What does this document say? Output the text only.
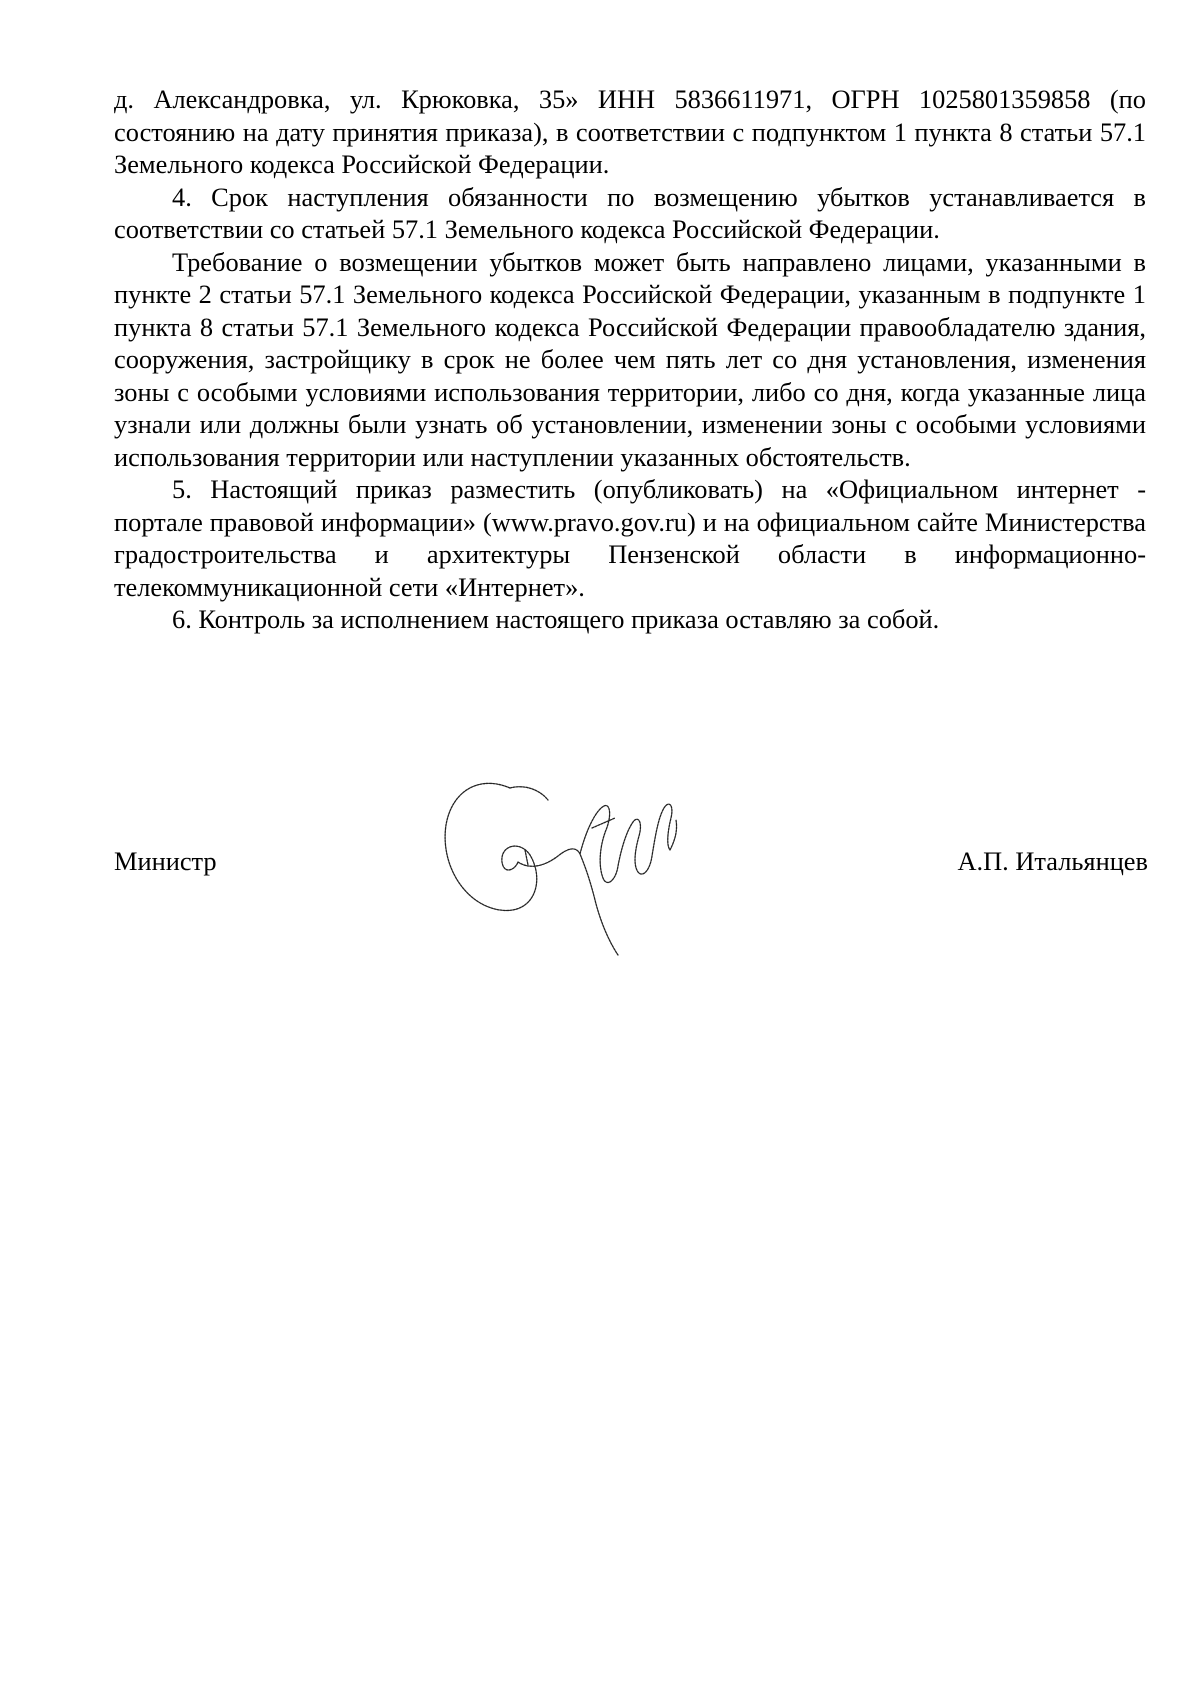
д. Александровка, ул. Крюковка, 35» ИНН 5836611971, ОГРН 1025801359858 (по состоянию на дату принятия приказа), в соответствии с подпунктом 1 пункта 8 статьи 57.1 Земельного кодекса Российской Федерации.

4. Срок наступления обязанности по возмещению убытков устанавливается в соответствии со статьей 57.1 Земельного кодекса Российской Федерации.

Требование о возмещении убытков может быть направлено лицами, указанными в пункте 2 статьи 57.1 Земельного кодекса Российской Федерации, указанным в подпункте 1 пункта 8 статьи 57.1 Земельного кодекса Российской Федерации правообладателю здания, сооружения, застройщику в срок не более чем пять лет со дня установления, изменения зоны с особыми условиями использования территории, либо со дня, когда указанные лица узнали или должны были узнать об установлении, изменении зоны с особыми условиями использования территории или наступлении указанных обстоятельств.

5. Настоящий приказ разместить (опубликовать) на «Официальном интернет - портале правовой информации» (www.pravo.gov.ru) и на официальном сайте Министерства градостроительства и архитектуры Пензенской области в информационно-телекоммуникационной сети «Интернет».

6. Контроль за исполнением настоящего приказа оставляю за собой.

Министр	А.П. Итальянцев
